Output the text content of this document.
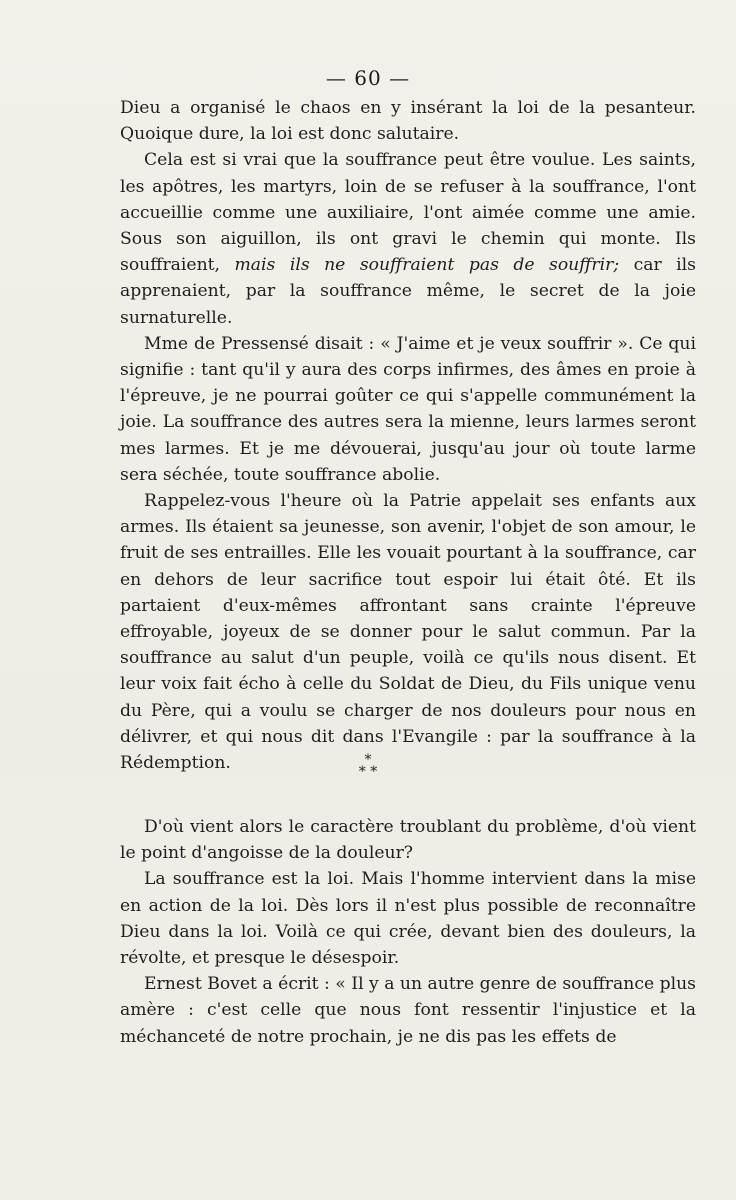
— 60 —

Dieu a organisé le chaos en y insérant la loi de la pesanteur. Quoique dure, la loi est donc salutaire.

Cela est si vrai que la souffrance peut être voulue. Les saints, les apôtres, les martyrs, loin de se refuser à la souffrance, l'ont accueillie comme une auxiliaire, l'ont aimée comme une amie. Sous son aiguillon, ils ont gravi le chemin qui monte. Ils souffraient, mais ils ne souffraient pas de souffrir; car ils apprenaient, par la souffrance même, le secret de la joie surnaturelle.

Mme de Pressensé disait : « J'aime et je veux souffrir ». Ce qui signifie : tant qu'il y aura des corps infirmes, des âmes en proie à l'épreuve, je ne pourrai goûter ce qui s'appelle communément la joie. La souffrance des autres sera la mienne, leurs larmes seront mes larmes. Et je me dévouerai, jusqu'au jour où toute larme sera séchée, toute souffrance abolie.

Rappelez-vous l'heure où la Patrie appelait ses enfants aux armes. Ils étaient sa jeunesse, son avenir, l'objet de son amour, le fruit de ses entrailles. Elle les vouait pourtant à la souffrance, car en dehors de leur sacrifice tout espoir lui était ôté. Et ils partaient d'eux-mêmes affrontant sans crainte l'épreuve effroyable, joyeux de se donner pour le salut commun. Par la souffrance au salut d'un peuple, voilà ce qu'ils nous disent. Et leur voix fait écho à celle du Soldat de Dieu, du Fils unique venu du Père, qui a voulu se charger de nos douleurs pour nous en délivrer, et qui nous dit dans l'Evangile : par la souffrance à la Rédemption.	*
* *

D'où vient alors le caractère troublant du problème, d'où vient le point d'angoisse de la douleur?

La souffrance est la loi. Mais l'homme intervient dans la mise en action de la loi. Dès lors il n'est plus possible de reconnaître Dieu dans la loi. Voilà ce qui crée, devant bien des douleurs, la révolte, et presque le désespoir.

Ernest Bovet a écrit : « Il y a un autre genre de souffrance plus amère : c'est celle que nous font ressentir l'injustice et la méchanceté de notre prochain, je ne dis pas les effets de
